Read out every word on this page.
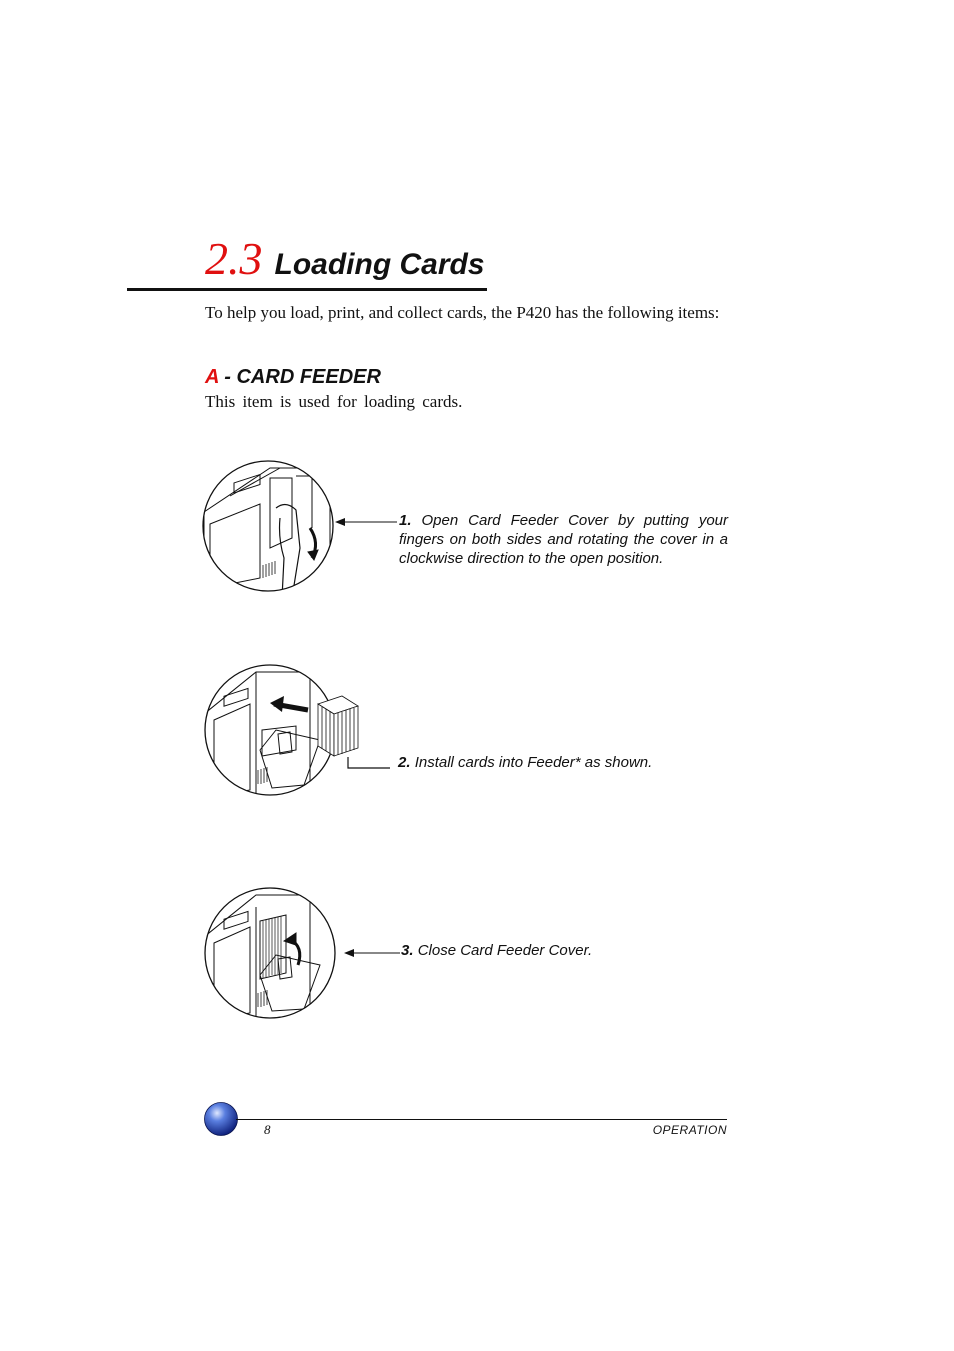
2.3 Loading Cards

To help you load, print, and collect cards, the P420 has the following items:

A - CARD FEEDER
This item is used for loading cards.
1. Open Card Feeder Cover by putting your fingers on both sides and rotating the cover in a clockwise direction to the open position.
2. Install cards into Feeder* as shown.
3. Close Card Feeder Cover.
8	OPERATION
